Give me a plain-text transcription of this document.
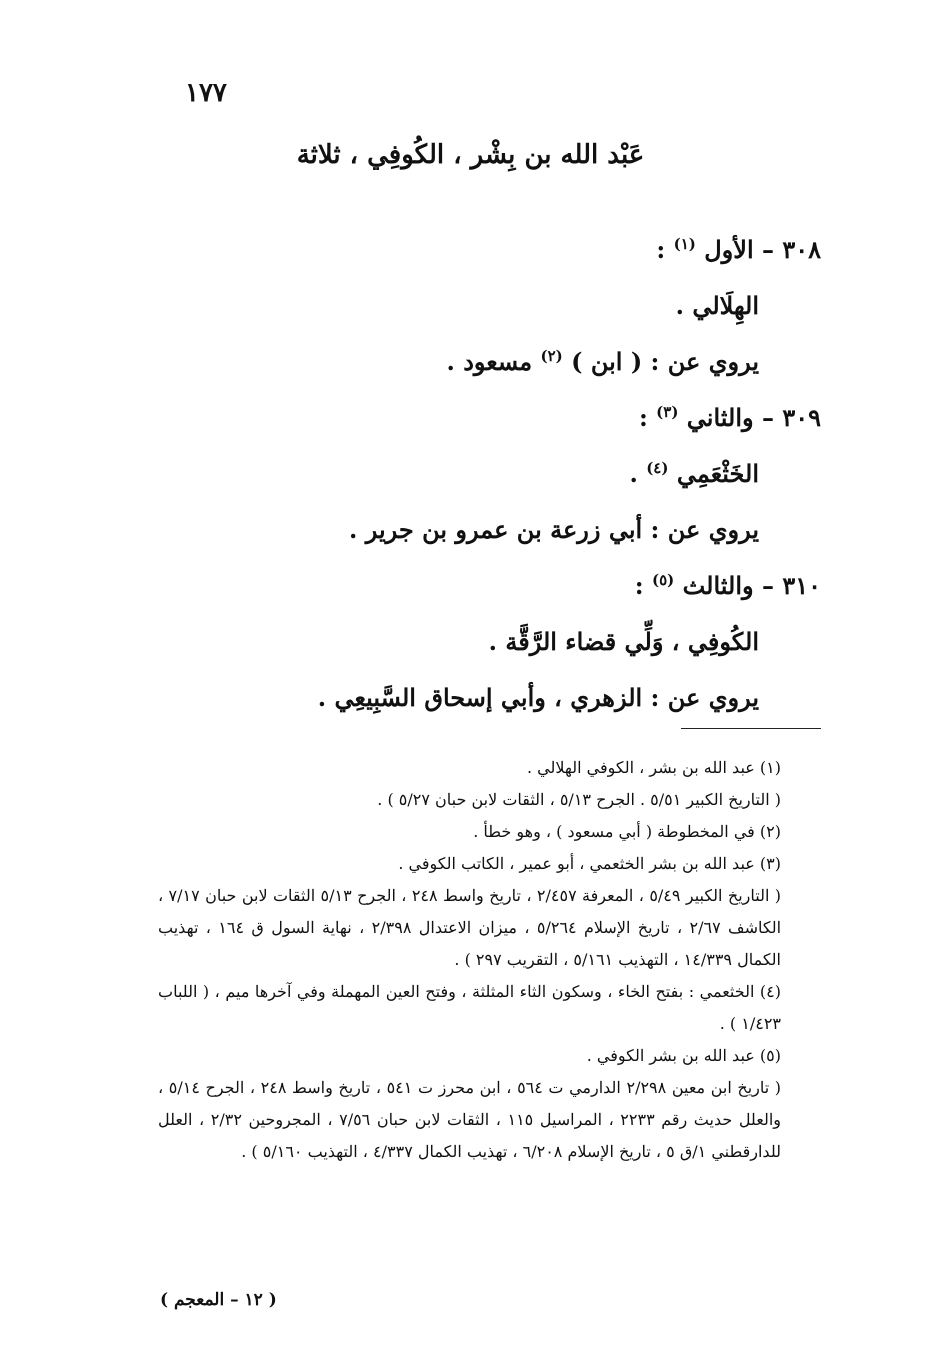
١٧٧
عَبْد الله بن بِشْر ، الكُوفِي ، ثلاثة
٣٠٨ – الأول $^{(١)}$ :
الهِلَالي .
يروي عن : ( ابن ) $^{(٢)}$ مسعود .
٣٠٩ – والثاني $^{(٣)}$ :
الخَثْعَمِي $^{(٤)}$ .
يروي عن : أبي زرعة بن عمرو بن جرير .
٣١٠ – والثالث $^{(٥)}$ :
الكُوفِي ، وَلِّي قضاء الرَّقَّة .
يروي عن : الزهري ، وأبي إسحاق السَّبِيعِي .
(١) عبد الله بن بشر ، الكوفي الهلالي .
( التاريخ الكبير ٥/٥١ . الجرح ٥/١٣ ، الثقات لابن حبان ٥/٢٧ ) .
(٢) في المخطوطة ( أبي مسعود ) ، وهو خطأ .
(٣) عبد الله بن بشر الخثعمي ، أبو عمير ، الكاتب الكوفي .
( التاريخ الكبير ٥/٤٩ ، المعرفة ٢/٤٥٧ ، تاريخ واسط ٢٤٨ ، الجرح ٥/١٣ الثقات لابن حبان ٧/١٧ ، الكاشف ٢/٦٧ ، تاريخ الإسلام ٥/٢٦٤ ، ميزان الاعتدال ٢/٣٩٨ ، نهاية السول ق ١٦٤ ، تهذيب الكمال ١٤/٣٣٩ ، التهذيب ٥/١٦١ ، التقريب ٢٩٧ ) .
(٤) الخثعمي : بفتح الخاء ، وسكون الثاء المثلثة ، وفتح العين المهملة وفي آخرها ميم ، ( اللباب ١/٤٢٣ ) .
(٥) عبد الله بن بشر الكوفي .
( تاريخ ابن معين ٢/٢٩٨ الدارمي ت ٥٦٤ ، ابن محرز ت ٥٤١ ، تاريخ واسط ٢٤٨ ، الجرح ٥/١٤ ، والعلل حديث رقم ٢٢٣٣ ، المراسيل ١١٥ ، الثقات لابن حبان ٧/٥٦ ، المجروحين ٢/٣٢ ، العلل للدارقطني ١/ق ٥ ، تاريخ الإسلام ٦/٢٠٨ ، تهذيب الكمال ٤/٣٣٧ ، التهذيب ٥/١٦٠ ) .
( ١٢ – المعجم )
